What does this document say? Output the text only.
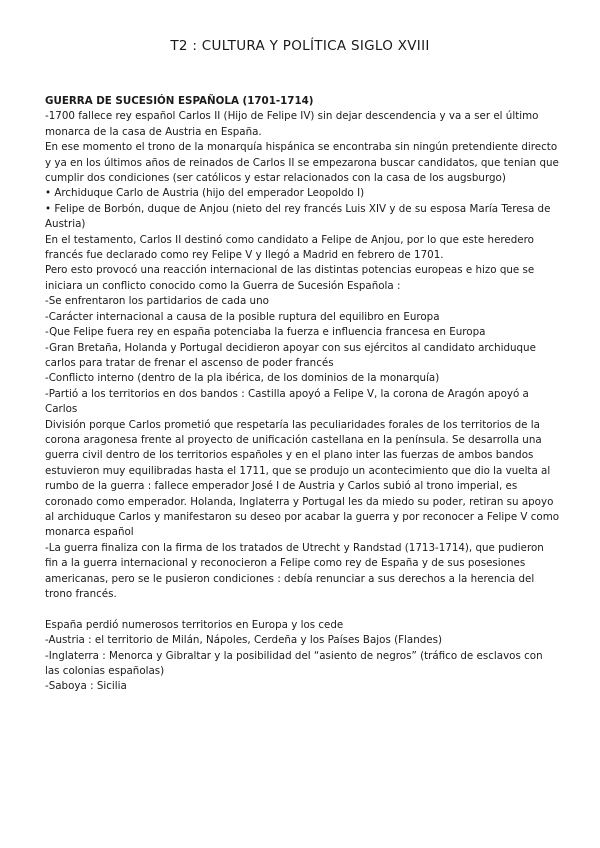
T2 : CULTURA Y POLÍTICA SIGLO XVIII

GUERRA DE SUCESIÓN ESPAÑOLA (1701-1714)

-1700 fallece rey español Carlos II (Hijo de Felipe IV) sin dejar descendencia y va a ser el último monarca de la casa de Austria en España.

En ese momento el trono de la monarquía hispánica se encontraba sin ningún pretendiente directo y ya en los últimos años de reinados de Carlos II se empezarona buscar candidatos, que tenian que cumplir dos condiciones (ser católicos y estar relacionados con la casa de los augsburgo)

• Archiduque Carlo de Austria (hijo del emperador Leopoldo I)

• Felipe de Borbón, duque de Anjou (nieto del rey francés Luis XIV y de su esposa María Teresa de Austria)

En el testamento, Carlos II destinó como candidato a Felipe de Anjou, por lo que este heredero francés fue declarado como rey Felipe V y llegó a Madrid en febrero de 1701.

Pero esto provocó una reacción internacional de las distintas potencias europeas e hizo que se iniciara un conflicto conocido como la Guerra de Sucesión Española :

-Se enfrentaron los partidarios de cada uno

-Carácter internacional a causa de la posible ruptura del equilibro en Europa

-Que Felipe fuera rey en españa potenciaba la fuerza e influencia francesa en Europa

-Gran Bretaña, Holanda y Portugal decidieron apoyar con sus ejércitos al candidato archiduque carlos para tratar de frenar el ascenso de poder francés

-Conflicto interno (dentro de la pla ibérica, de los dominios de la monarquía)

-Partió a los territorios en dos bandos : Castilla apoyó a Felipe V, la corona de Aragón apoyó a Carlos

División porque Carlos prometió que respetaría las peculiaridades forales de los territorios de la corona aragonesa frente al proyecto de unificación castellana en la península. Se desarrolla una guerra civil dentro de los territorios españoles y en el plano inter las fuerzas de ambos bandos estuvieron muy equilibradas hasta el 1711, que se produjo un acontecimiento que dio la vuelta al rumbo de la guerra : fallece emperador José I de Austria y Carlos subió al trono imperial, es coronado como emperador. Holanda, Inglaterra y Portugal les da miedo su poder, retiran su apoyo al archiduque Carlos y manifestaron su deseo por acabar la guerra y por reconocer a Felipe V como monarca español

-La guerra finaliza con la firma de los tratados de Utrecht y Randstad (1713-1714), que pudieron fin a la guerra internacional y reconocieron a Felipe como rey de España y de sus posesiones americanas, pero se le pusieron condiciones : debía renunciar a sus derechos a la herencia del trono francés.

España perdió numerosos territorios en Europa y los cede

-Austria : el territorio de Milán, Nápoles, Cerdeña y los Países Bajos (Flandes)

-Inglaterra : Menorca y Gibraltar y la posibilidad del “asiento de negros” (tráfico de esclavos con las colonias españolas)

-Saboya : Sicilia
